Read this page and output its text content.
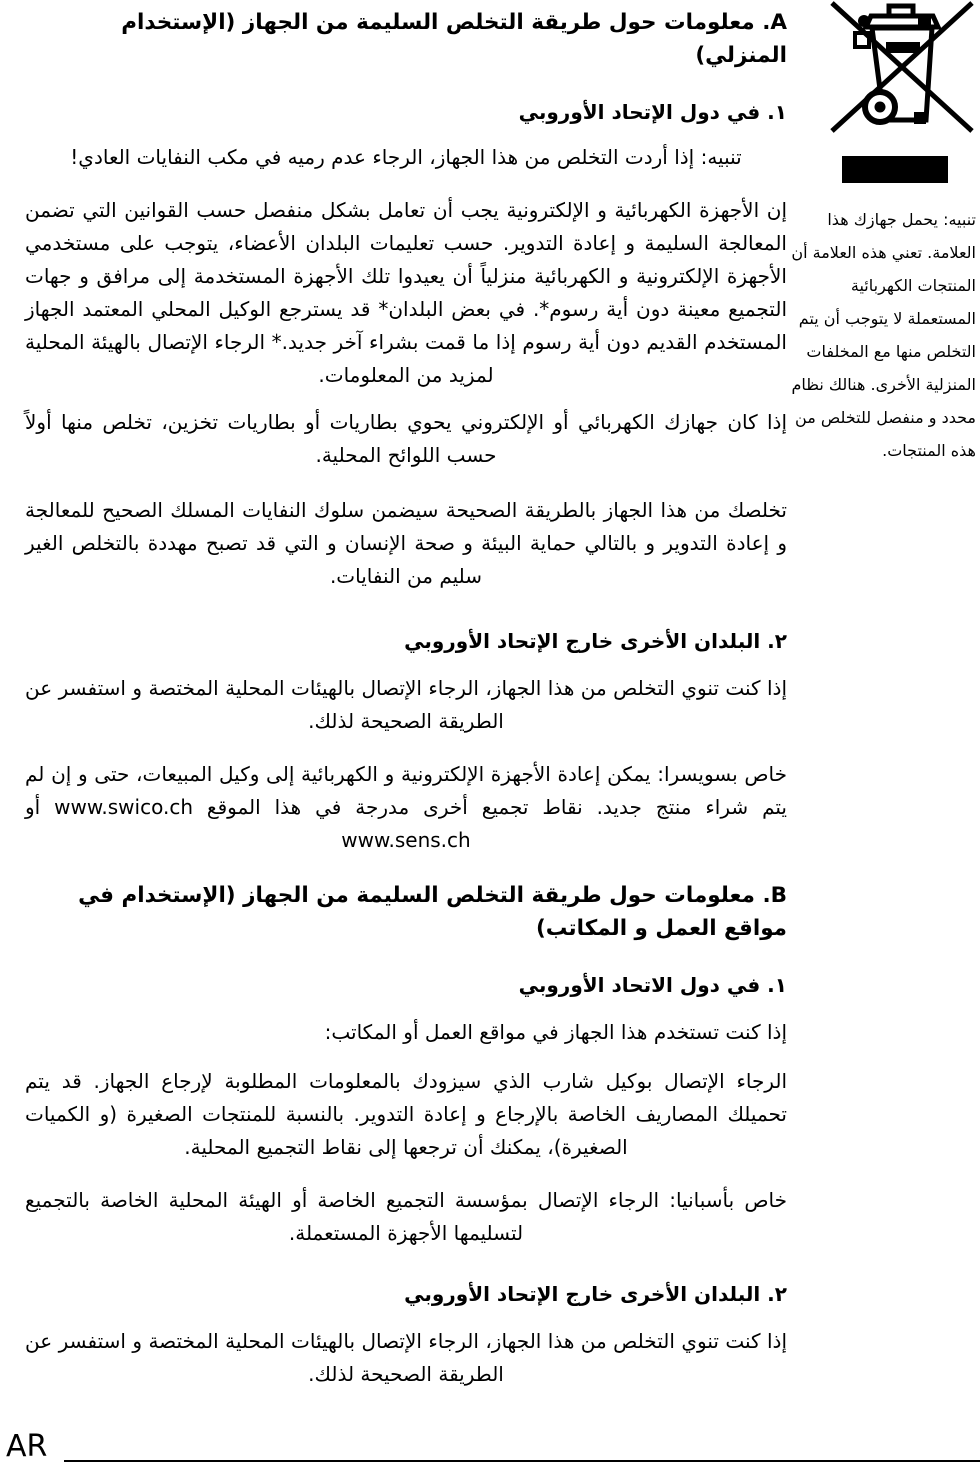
تنبيه: يحمل جهازك هذا العلامة. تعني هذه العلامة أن المنتجات الكهربائية المستعملة لا يتوجب أن يتم التخلص منها مع المخلفات المنزلية الأخرى. هنالك نظام محدد و منفصل للتخلص من هذه المنتجات.

A. معلومات حول طريقة التخلص السليمة من الجهاز (الإستخدام المنزلي)

١. في دول الإتحاد الأوروبي

تنبيه: إذا أردت التخلص من هذا الجهاز، الرجاء عدم رميه في مكب النفايات العادي!

إن الأجهزة الكهربائية و الإلكترونية يجب أن تعامل بشكل منفصل حسب القوانين التي تضمن المعالجة السليمة و إعادة التدوير. حسب تعليمات البلدان الأعضاء، يتوجب على مستخدمي الأجهزة الإلكترونية و الكهربائية منزلياً أن يعيدوا تلك الأجهزة المستخدمة إلى مرافق و جهات التجميع معينة دون أية رسوم*. في بعض البلدان* قد يسترجع الوكيل المحلي المعتمد الجهاز المستخدم القديم دون أية رسوم إذا ما قمت بشراء آخر جديد.* الرجاء الإتصال بالهيئة المحلية لمزيد من المعلومات.

إذا كان جهازك الكهربائي أو الإلكتروني يحوي بطاريات أو بطاريات تخزين، تخلص منها أولاً حسب اللوائح المحلية.

تخلصك من هذا الجهاز بالطريقة الصحيحة سيضمن سلوك النفايات المسلك الصحيح للمعالجة و إعادة التدوير و بالتالي حماية البيئة و صحة الإنسان و التي قد تصبح مهددة بالتخلص الغير سليم من النفايات.

٢. البلدان الأخرى خارج الإتحاد الأوروبي

إذا كنت تنوي التخلص من هذا الجهاز، الرجاء الإتصال بالهيئات المحلية المختصة و استفسر عن الطريقة الصحيحة لذلك.

خاص بسويسرا: يمكن إعادة الأجهزة الإلكترونية و الكهربائية إلى وكيل المبيعات، حتى و إن لم يتم شراء منتج جديد. نقاط تجميع أخرى مدرجة في هذا الموقع www.swico.ch أو www.sens.ch

B. معلومات حول طريقة التخلص السليمة من الجهاز (الإستخدام في مواقع العمل و المكاتب)

١. في دول الاتحاد الأوروبي

إذا كنت تستخدم هذا الجهاز في مواقع العمل أو المكاتب:

الرجاء الإتصال بوكيل شارب الذي سيزودك بالمعلومات المطلوبة لإرجاع الجهاز. قد يتم تحميلك المصاريف الخاصة بالإرجاع و إعادة التدوير. بالنسبة للمنتجات الصغيرة (و الكميات الصغيرة)، يمكنك أن ترجعها إلى نقاط التجميع المحلية.

خاص بأسبانيا: الرجاء الإتصال بمؤسسة التجميع الخاصة أو الهيئة المحلية الخاصة بالتجميع لتسليمها الأجهزة المستعملة.

٢. البلدان الأخرى خارج الإتحاد الأوروبي

إذا كنت تنوي التخلص من هذا الجهاز، الرجاء الإتصال بالهيئات المحلية المختصة و استفسر عن الطريقة الصحيحة لذلك.

AR
